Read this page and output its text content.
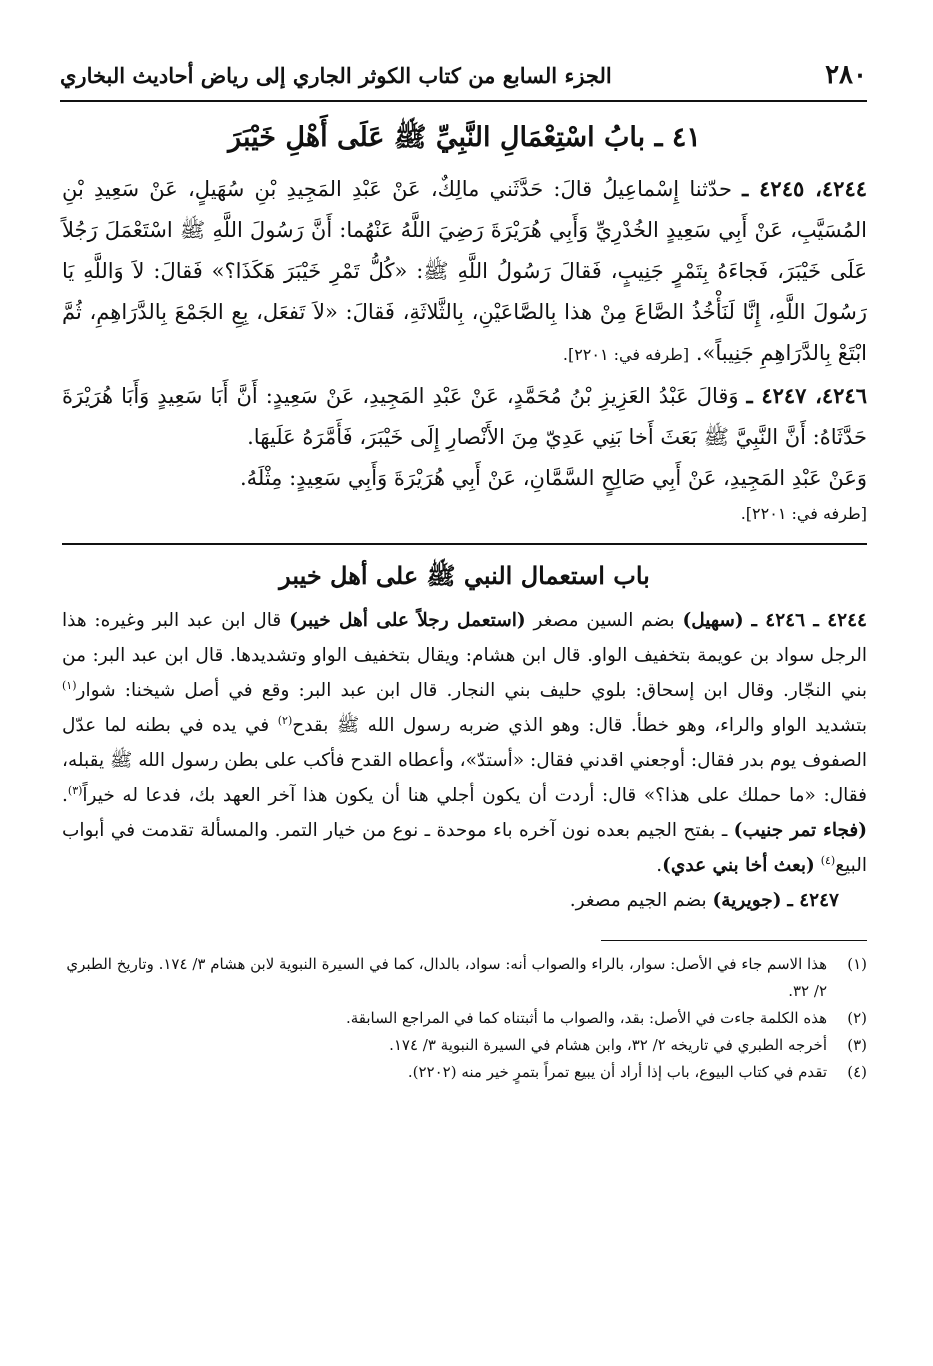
٢٨٠
الجزء السابع من كتاب الكوثر الجاري إلى رياض أحاديث البخاري
٤١ ـ بابُ اسْتِعْمَالِ النَّبِيِّ ﷺ عَلَى أَهْلِ خَيْبَرَ

٤٢٤٤، ٤٢٤٥ ـ حدّثنا إِسْماعِيلُ قالَ: حَدَّثَني مالِكٌ، عَنْ عَبْدِ المَجِيدِ بْنِ سُهَيلٍ، عَنْ سَعِيدِ بْنِ المُسَيَّبِ، عَنْ أَبِي سَعِيدٍ الخُدْرِيِّ وَأَبِي هُرَيْرَةَ رَضِيَ اللَّهُ عَنْهُما: أَنَّ رَسُولَ اللَّهِ ﷺ اسْتَعْمَلَ رَجُلاً عَلَى خَيْبَرَ، فَجاءَهُ بِتَمْرٍ جَنِيبٍ، فَقالَ رَسُولُ اللَّهِ ﷺ: «كُلُّ تَمْرِ خَيْبَرَ هَكَذَا؟» فَقالَ: لاَ وَاللَّهِ يَا رَسُولَ اللَّهِ، إِنَّا لَنَأْخُذُ الصَّاعَ مِنْ هذا بِالصَّاعَيْنِ، بِالثَّلاثَةِ، فَقالَ: «لاَ تَفعَل، بِعِ الجَمْعَ بِالدَّرَاهِمِ، ثُمَّ ابْتَعْ بِالدَّرَاهِمِ جَنِيباً». [طرفه في: ٢٢٠١].

٤٢٤٦، ٤٢٤٧ ـ وَقالَ عَبْدُ العَزِيزِ بْنُ مُحَمَّدٍ، عَنْ عَبْدِ المَجِيدِ، عَنْ سَعِيدٍ: أَنَّ أَبَا سَعِيدٍ وَأَبَا هُرَيْرَةَ حَدَّثَاهُ: أَنَّ النَّبِيَّ ﷺ بَعَثَ أَخا بَنِي عَدِيّ مِنَ الأَنْصارِ إِلَى خَيْبَرَ، فَأَمَّرَهُ عَلَيهَا.

وَعَنْ عَبْدِ المَجِيدِ، عَنْ أَبِي صَالِحٍ السَّمَّانِ، عَنْ أَبِي هُرَيْرَةَ وَأَبِي سَعِيدٍ: مِثْلَهُ.

[طرفه في: ٢٢٠١].
باب استعمال النبي ﷺ على أهل خيبر

٤٢٤٤ ـ ٤٢٤٦ ـ (سهيل) بضم السين مصغر (استعمل رجلاً على أهل خيبر) قال ابن عبد البر وغيره: هذا الرجل سواد بن عويمة بتخفيف الواو. قال ابن هشام: ويقال بتخفيف الواو وتشديدها. قال ابن عبد البر: من بني النجّار. وقال ابن إسحاق: بلوي حليف بني النجار. قال ابن عبد البر: وقع في أصل شيخنا: شوار$^{(١)}$ بتشديد الواو والراء، وهو خطأ. قال: وهو الذي ضربه رسول الله ﷺ بقدح$^{(٢)}$ في يده في بطنه لما عدّل الصفوف يوم بدر فقال: أوجعني اقدني فقال: «أستدّ»، وأعطاه القدح فأكب على بطن رسول الله ﷺ يقبله، فقال: «ما حملك على هذا؟» قال: أردت أن يكون أجلي هنا أن يكون هذا آخر العهد بك، فدعا له خيراً$^{(٣)}$. (فجاء تمر جنيب) ـ بفتح الجيم بعده نون آخره باء موحدة ـ نوع من خيار التمر. والمسألة تقدمت في أبواب البيع$^{(٤)}$ (بعث أخا بني عدي).

٤٢٤٧ ـ (جويرية) بضم الجيم مصغر.

(١)
هذا الاسم جاء في الأصل: سوار، بالراء والصواب أنه: سواد، بالدال، كما في السيرة النبوية لابن هشام ٣/ ١٧٤. وتاريخ الطبري ٢/ ٣٢.
(٢)
هذه الكلمة جاءت في الأصل: بقد، والصواب ما أثبتناه كما في المراجع السابقة.
(٣)
أخرجه الطبري في تاريخه ٢/ ٣٢، وابن هشام في السيرة النبوية ٣/ ١٧٤.
(٤)
تقدم في كتاب البيوع، باب إذا أراد أن يبيع تمراً بتمرٍ خير منه (٢٢٠٢).
